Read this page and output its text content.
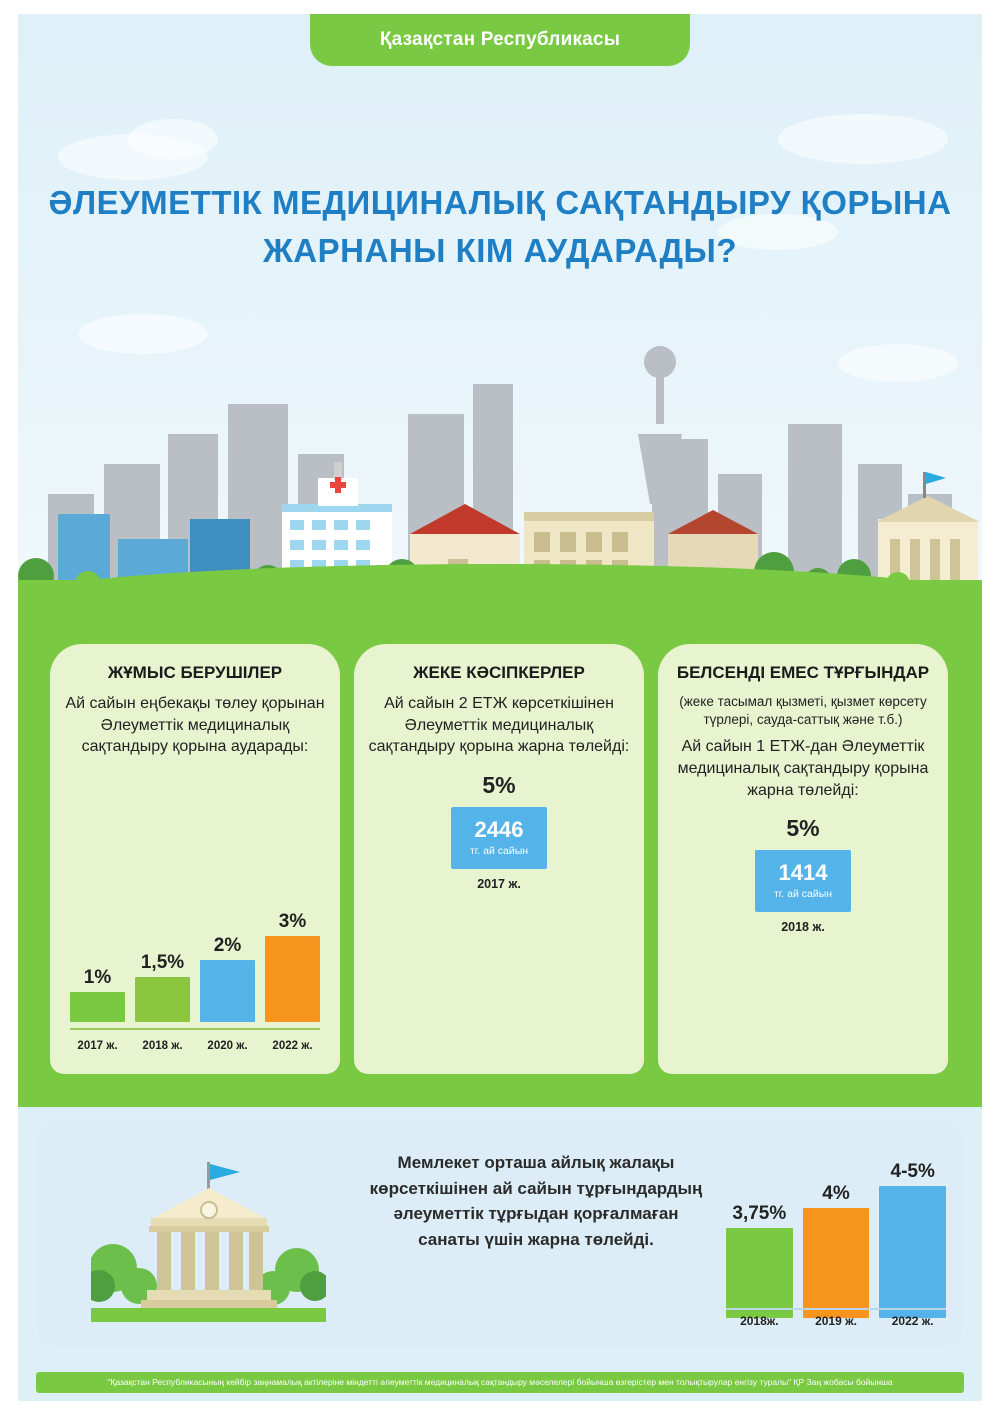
Қазақстан Республикасы
ӘЛЕУМЕТТІК МЕДИЦИНАЛЫҚ САҚТАНДЫРУ ҚОРЫНА ЖАРНАНЫ КІМ АУДАРАДЫ?
ЖҰМЫС БЕРУШІЛЕР

Ай сайын еңбекақы төлеу қорынан Әлеуметтік медициналық сақтандыру қорына аударады:

1%
1,5%
2%
3%
2017 ж.	2018 ж.	2020 ж.	2022 ж.
ЖЕКЕ КӘСІПКЕРЛЕР

Ай сайын 2 ЕТЖ көрсеткішінен Әлеуметтік медициналық сақтандыру қорына жарна төлейді:

5%
2446
тг. ай сайын
2017 ж.
БЕЛСЕНДІ ЕМЕС ТҰРҒЫНДАР

(жеке тасымал қызметі, қызмет көрсету түрлері, сауда-саттық және т.б.)

Ай сайын 1 ЕТЖ-дан Әлеуметтік медициналық сақтандыру қорына жарна төлейді:

5%
1414
тг. ай сайын
2018 ж.
Мемлекет орташа айлық жалақы көрсеткішінен ай сайын тұрғындардың әлеуметтік тұрғыдан қорғалмаған санаты үшін жарна төлейді.
3,75%
4%
4-5%
2018ж.	2019 ж.	2022 ж.
"Қазақстан Республикасының кейбір заңнамалық актілеріне міндетті әлеуметтік медициналық сақтандыру мәселелері бойынша өзгерістер мен толықтырулар енгізу туралы" ҚР Заң жобасы бойынша
